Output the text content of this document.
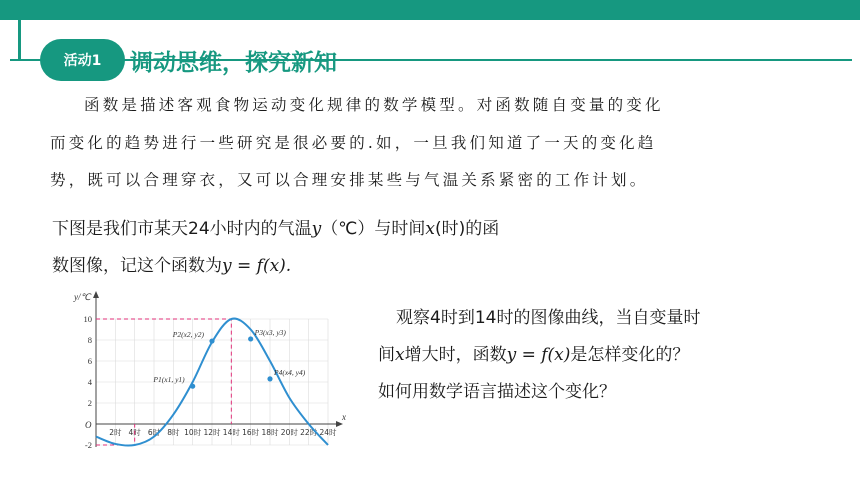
活动1	调动思维，探究新知

函数是描述客观食物运动变化规律的数学模型。对函数随自变量的变化
而变化的趋势进行一些研究是很必要的.如，一旦我们知道了一天的变化趋
势，既可以合理穿衣，又可以合理安排某些与气温关系紧密的工作计划。

下图是我们市某天24小时内的气温y（℃）与时间x(时)的函
数图像，记这个函数为y = f(x).
y/℃
x
O
-2
2
4
6
8
10
2时 4时 6时 8时 10时 12时 14时 16时 18时 20时 22时 24时
P1(x1, y1)
P2(x2, y2)	P3(x3, y3)
P4(x4, y4)
观察4时到14时的图像曲线，当自变量时
间x增大时，函数y = f(x)是怎样变化的？
如何用数学语言描述这个变化？
